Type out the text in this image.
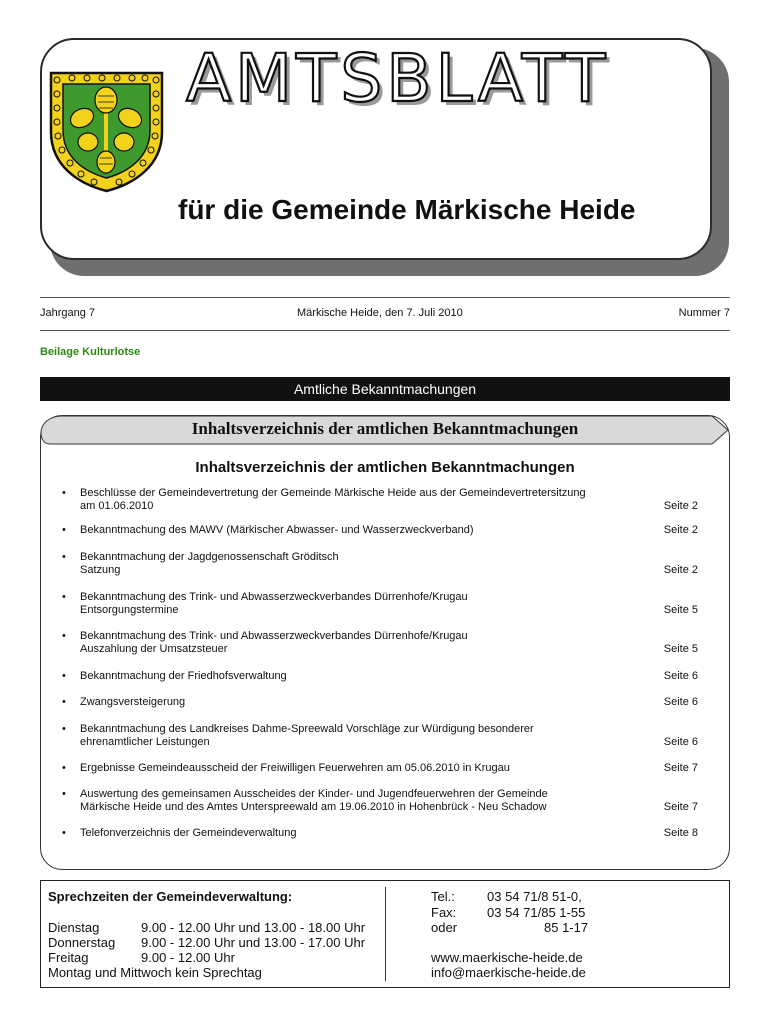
AMTSBLATT
für die Gemeinde Märkische Heide
Jahrgang 7	Märkische Heide, den 7. Juli 2010	Nummer 7
Beilage Kulturlotse
Amtliche Bekanntmachungen
Inhaltsverzeichnis der amtlichen Bekanntmachungen
Inhaltsverzeichnis der amtlichen Bekanntmachungen
• Beschlüsse der Gemeindevertretung der Gemeinde Märkische Heide aus der Gemeindevertretersitzung
am 01.06.2010	Seite 2
• Bekanntmachung des MAWV (Märkischer Abwasser- und Wasserzweckverband)	Seite 2
• Bekanntmachung der Jagdgenossenschaft Gröditsch
Satzung	Seite 2
• Bekanntmachung des Trink- und Abwasserzweckverbandes Dürrenhofe/Krugau
Entsorgungstermine	Seite 5
• Bekanntmachung des Trink- und Abwasserzweckverbandes Dürrenhofe/Krugau
Auszahlung der Umsatzsteuer	Seite 5
• Bekanntmachung der Friedhofsverwaltung	Seite 6
• Zwangsversteigerung	Seite 6
• Bekanntmachung des Landkreises Dahme-Spreewald Vorschläge zur Würdigung besonderer
ehrenamtlicher Leistungen	Seite 6
• Ergebnisse Gemeindeausscheid der Freiwilligen Feuerwehren am 05.06.2010 in Krugau	Seite 7
• Auswertung des gemeinsamen Ausscheides der Kinder- und Jugendfeuerwehren der Gemeinde
Märkische Heide und des Amtes Unterspreewald am 19.06.2010 in Hohenbrück - Neu Schadow	Seite 7
• Telefonverzeichnis der Gemeindeverwaltung	Seite 8
Sprechzeiten der Gemeindeverwaltung:
Dienstag	9.00 - 12.00 Uhr und 13.00 - 18.00 Uhr
Donnerstag 9.00 - 12.00 Uhr und 13.00 - 17.00 Uhr
Freitag	9.00 - 12.00 Uhr
Montag und Mittwoch kein Sprechtag
Tel.: 03 54 71/8 51-0,
Fax: 03 54 71/85 1-55
oder	85 1-17
www.maerkische-heide.de
info@maerkische-heide.de
